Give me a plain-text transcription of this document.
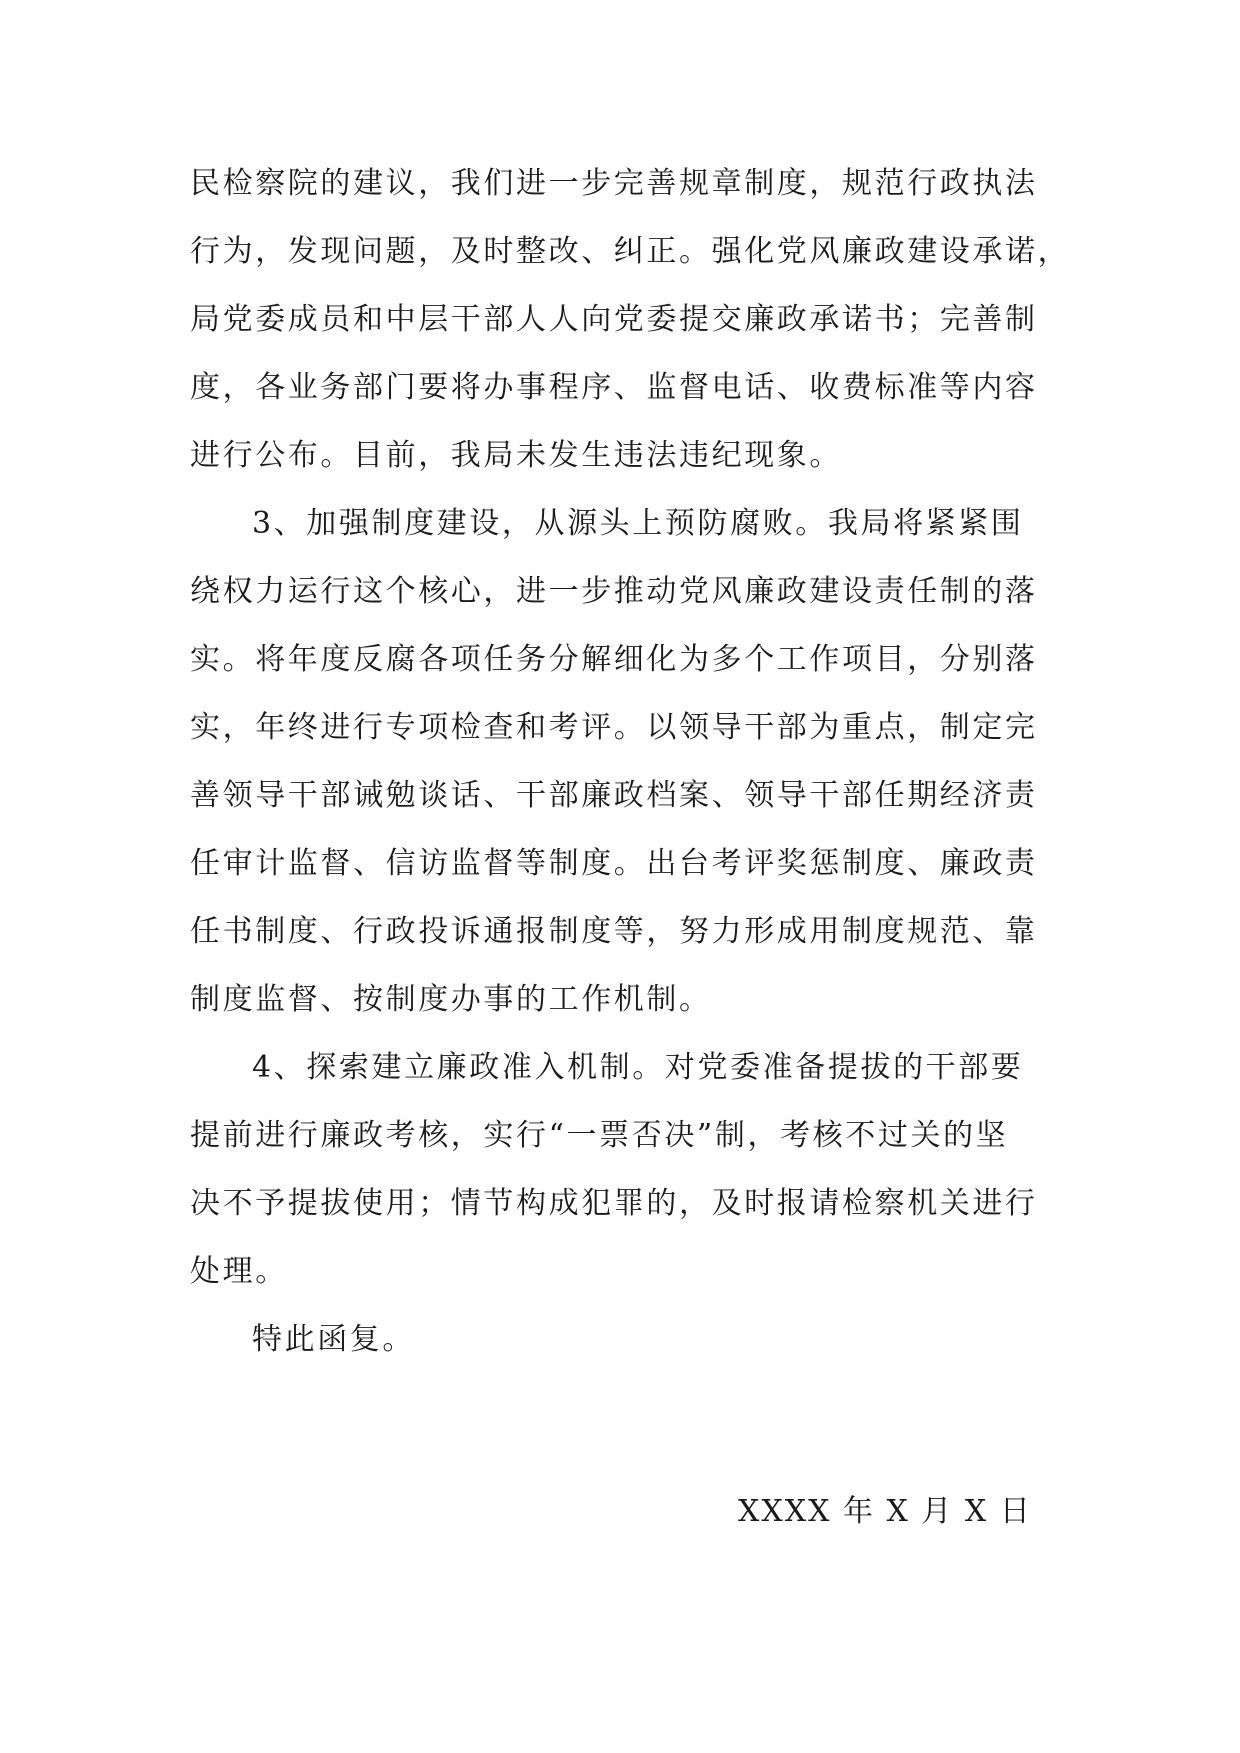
民检察院的建议，我们进一步完善规章制度，规范行政执法
行为，发现问题，及时整改、纠正。强化党风廉政建设承诺，
局党委成员和中层干部人人向党委提交廉政承诺书；完善制
度，各业务部门要将办事程序、监督电话、收费标准等内容
进行公布。目前，我局未发生违法违纪现象。

3、加强制度建设，从源头上预防腐败。我局将紧紧围
绕权力运行这个核心，进一步推动党风廉政建设责任制的落
实。将年度反腐各项任务分解细化为多个工作项目，分别落
实，年终进行专项检查和考评。以领导干部为重点，制定完
善领导干部诫勉谈话、干部廉政档案、领导干部任期经济责
任审计监督、信访监督等制度。出台考评奖惩制度、廉政责
任书制度、行政投诉通报制度等，努力形成用制度规范、靠
制度监督、按制度办事的工作机制。

4、探索建立廉政准入机制。对党委准备提拔的干部要
提前进行廉政考核，实行“一票否决”制，考核不过关的坚
决不予提拔使用；情节构成犯罪的，及时报请检察机关进行
处理。

特此函复。

XXXX 年 X 月 X 日
